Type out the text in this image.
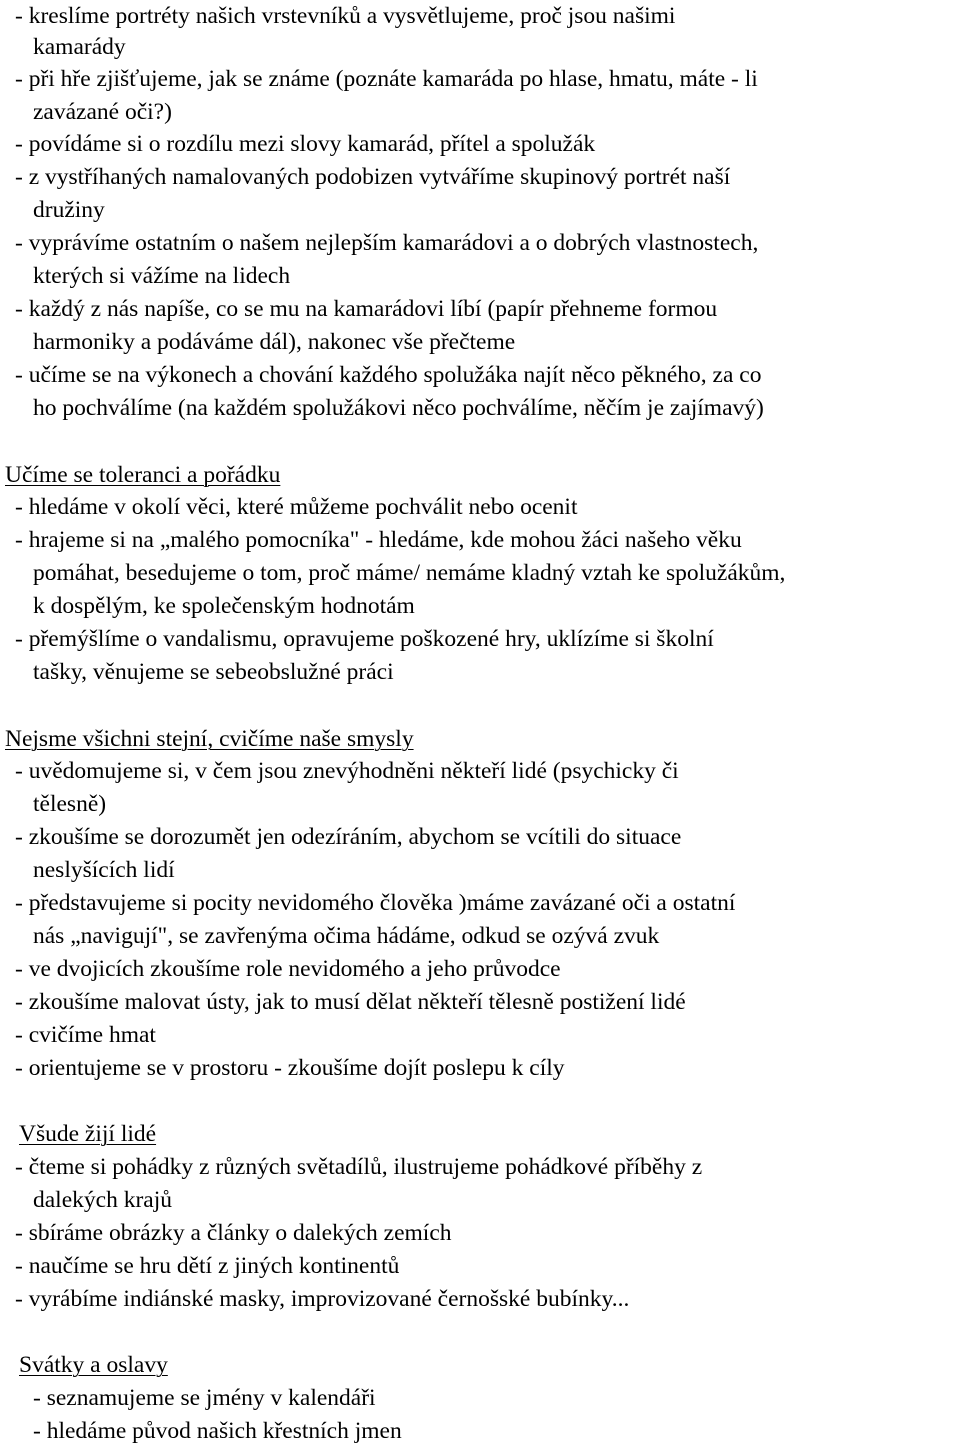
- kreslíme portréty našich vrstevníků a vysvětlujeme, proč jsou našimi
kamarády
- při hře zjišťujeme, jak se známe (poznáte kamaráda po hlase, hmatu, máte - li
zavázané oči?)
- povídáme si o rozdílu mezi slovy kamarád, přítel a spolužák
- z vystříhaných namalovaných podobizen vytváříme skupinový portrét naší
družiny
- vyprávíme ostatním o našem nejlepším kamarádovi a o dobrých vlastnostech,
kterých si vážíme na lidech
- každý z nás napíše, co se mu na kamarádovi líbí (papír přehneme formou
harmoniky a podáváme dál), nakonec vše přečteme
- učíme se na výkonech a chování každého spolužáka najít něco pěkného, za co
ho pochválíme (na každém spolužákovi něco pochválíme, něčím je zajímavý)
Učíme se toleranci a pořádku
- hledáme v okolí věci, které můžeme pochválit nebo ocenit
- hrajeme si na „malého pomocníka" - hledáme, kde mohou žáci našeho věku
pomáhat, besedujeme o tom, proč máme/ nemáme kladný vztah ke spolužákům,
k dospělým, ke společenským hodnotám
- přemýšlíme o vandalismu, opravujeme poškozené hry, uklízíme si školní
tašky, věnujeme se sebeobslužné práci
Nejsme všichni stejní, cvičíme naše smysly
- uvědomujeme si, v čem jsou znevýhodněni někteří lidé (psychicky či
tělesně)
- zkoušíme se dorozumět jen odezíráním, abychom se vcítili do situace
neslyšících lidí
- představujeme si pocity nevidomého člověka )máme zavázané oči a ostatní
nás „navigují", se zavřenýma očima hádáme, odkud se ozývá zvuk
- ve dvojicích zkoušíme role nevidomého a jeho průvodce
- zkoušíme malovat ústy, jak to musí dělat někteří tělesně postižení lidé
- cvičíme hmat
- orientujeme se v prostoru - zkoušíme dojít poslepu k cíly
Všude žijí lidé
- čteme si pohádky z různých světadílů, ilustrujeme pohádkové příběhy z
dalekých krajů
- sbíráme obrázky a články o dalekých zemích
- naučíme se hru dětí z jiných kontinentů
- vyrábíme indiánské masky, improvizované černošské bubínky...
Svátky a oslavy
- seznamujeme se jmény v kalendáři
- hledáme původ našich křestních jmen
